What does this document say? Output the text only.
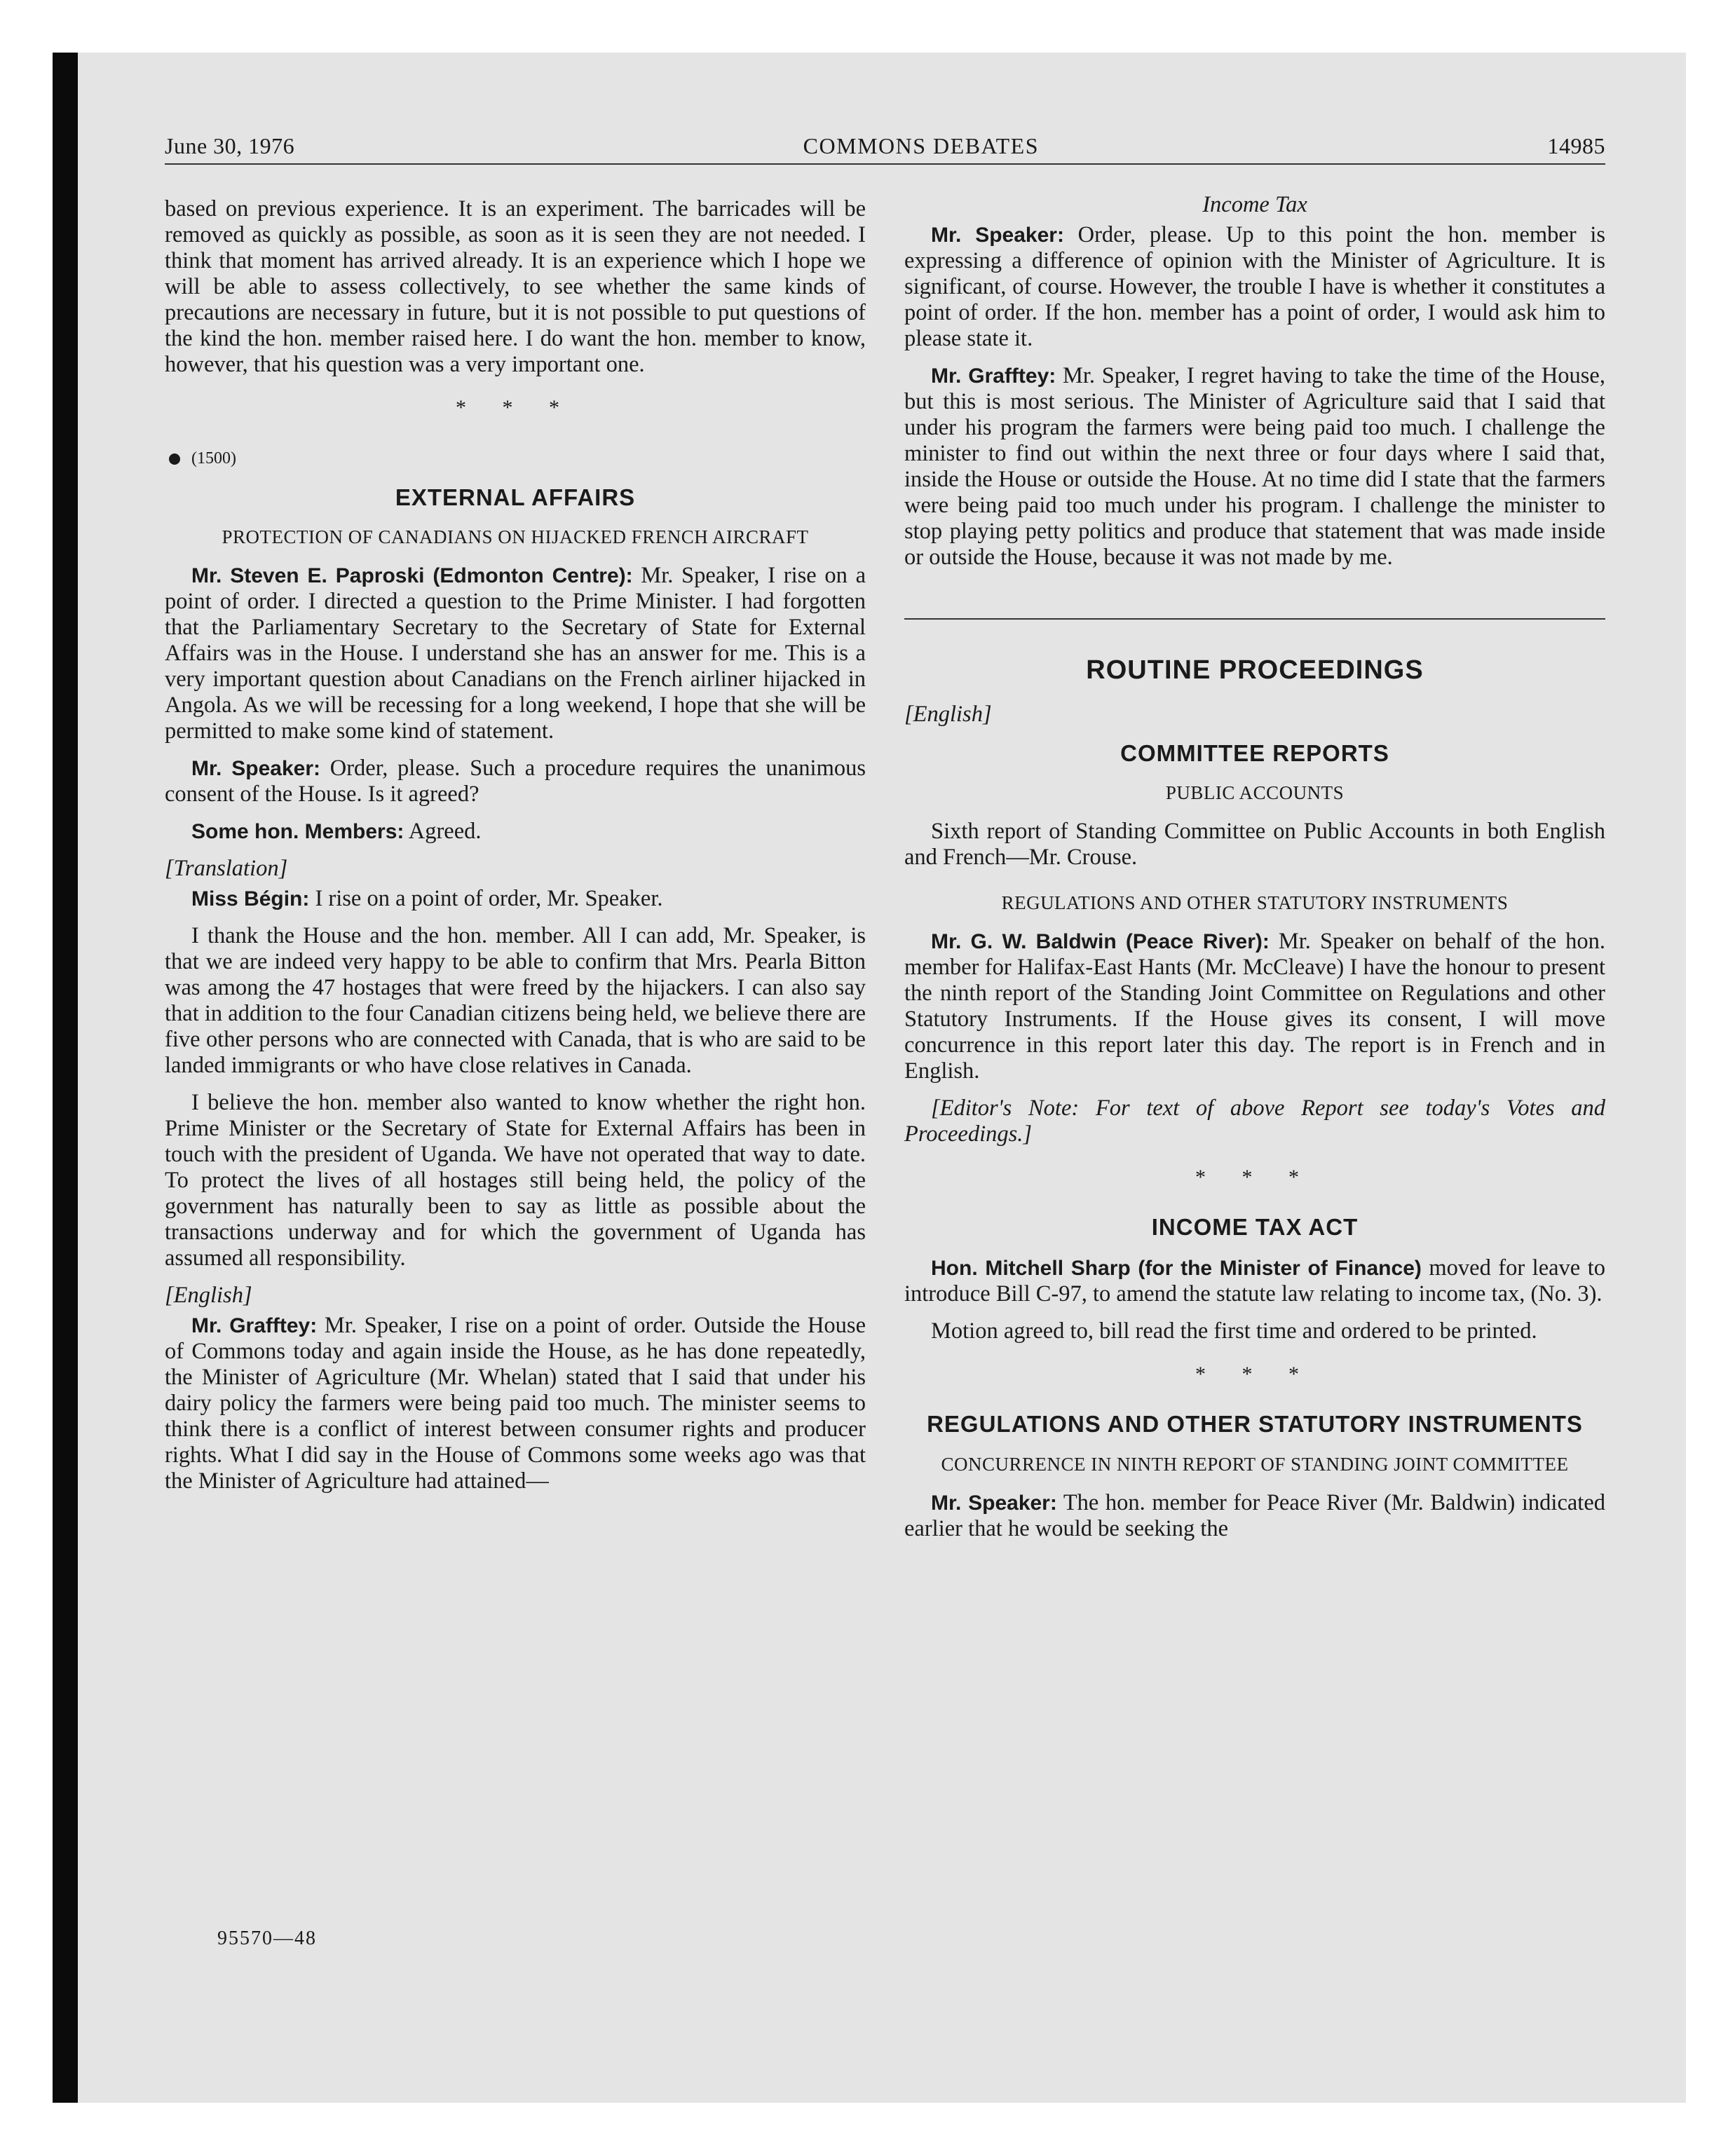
June 30, 1976	COMMONS DEBATES	14985

based on previous experience. It is an experiment. The barricades will be removed as quickly as possible, as soon as it is seen they are not needed. I think that moment has arrived already. It is an experience which I hope we will be able to assess collectively, to see whether the same kinds of precautions are necessary in future, but it is not possible to put questions of the kind the hon. member raised here. I do want the hon. member to know, however, that his question was a very important one.

* * *
(1500)
EXTERNAL AFFAIRS
PROTECTION OF CANADIANS ON HIJACKED FRENCH AIRCRAFT

Mr. Steven E. Paproski (Edmonton Centre): Mr. Speaker, I rise on a point of order. I directed a question to the Prime Minister. I had forgotten that the Parliamentary Secretary to the Secretary of State for External Affairs was in the House. I understand she has an answer for me. This is a very important question about Canadians on the French airliner hijacked in Angola. As we will be recessing for a long weekend, I hope that she will be permitted to make some kind of statement.

Mr. Speaker: Order, please. Such a procedure requires the unanimous consent of the House. Is it agreed?

Some hon. Members: Agreed.

[Translation]

Miss Bégin: I rise on a point of order, Mr. Speaker.

I thank the House and the hon. member. All I can add, Mr. Speaker, is that we are indeed very happy to be able to confirm that Mrs. Pearla Bitton was among the 47 hostages that were freed by the hijackers. I can also say that in addition to the four Canadian citizens being held, we believe there are five other persons who are connected with Canada, that is who are said to be landed immigrants or who have close relatives in Canada.

I believe the hon. member also wanted to know whether the right hon. Prime Minister or the Secretary of State for External Affairs has been in touch with the president of Uganda. We have not operated that way to date. To protect the lives of all hostages still being held, the policy of the government has naturally been to say as little as possible about the transactions underway and for which the government of Uganda has assumed all responsibility.

[English]

Mr. Grafftey: Mr. Speaker, I rise on a point of order. Outside the House of Commons today and again inside the House, as he has done repeatedly, the Minister of Agriculture (Mr. Whelan) stated that I said that under his dairy policy the farmers were being paid too much. The minister seems to think there is a conflict of interest between consumer rights and producer rights. What I did say in the House of Commons some weeks ago was that the Minister of Agriculture had attained—

Income Tax

Mr. Speaker: Order, please. Up to this point the hon. member is expressing a difference of opinion with the Minister of Agriculture. It is significant, of course. However, the trouble I have is whether it constitutes a point of order. If the hon. member has a point of order, I would ask him to please state it.

Mr. Grafftey: Mr. Speaker, I regret having to take the time of the House, but this is most serious. The Minister of Agriculture said that I said that under his program the farmers were being paid too much. I challenge the minister to find out within the next three or four days where I said that, inside the House or outside the House. At no time did I state that the farmers were being paid too much under his program. I challenge the minister to stop playing petty politics and produce that statement that was made inside or outside the House, because it was not made by me.

ROUTINE PROCEEDINGS
[English]
COMMITTEE REPORTS
PUBLIC ACCOUNTS

Sixth report of Standing Committee on Public Accounts in both English and French—Mr. Crouse.

REGULATIONS AND OTHER STATUTORY INSTRUMENTS

Mr. G. W. Baldwin (Peace River): Mr. Speaker on behalf of the hon. member for Halifax-East Hants (Mr. McCleave) I have the honour to present the ninth report of the Standing Joint Committee on Regulations and other Statutory Instruments. If the House gives its consent, I will move concurrence in this report later this day. The report is in French and in English.

[Editor's Note: For text of above Report see today's Votes and Proceedings.]

* * *
INCOME TAX ACT

Hon. Mitchell Sharp (for the Minister of Finance) moved for leave to introduce Bill C-97, to amend the statute law relating to income tax, (No. 3).

Motion agreed to, bill read the first time and ordered to be printed.

* * *
REGULATIONS AND OTHER STATUTORY INSTRUMENTS
CONCURRENCE IN NINTH REPORT OF STANDING JOINT COMMITTEE

Mr. Speaker: The hon. member for Peace River (Mr. Baldwin) indicated earlier that he would be seeking the

95570—48
